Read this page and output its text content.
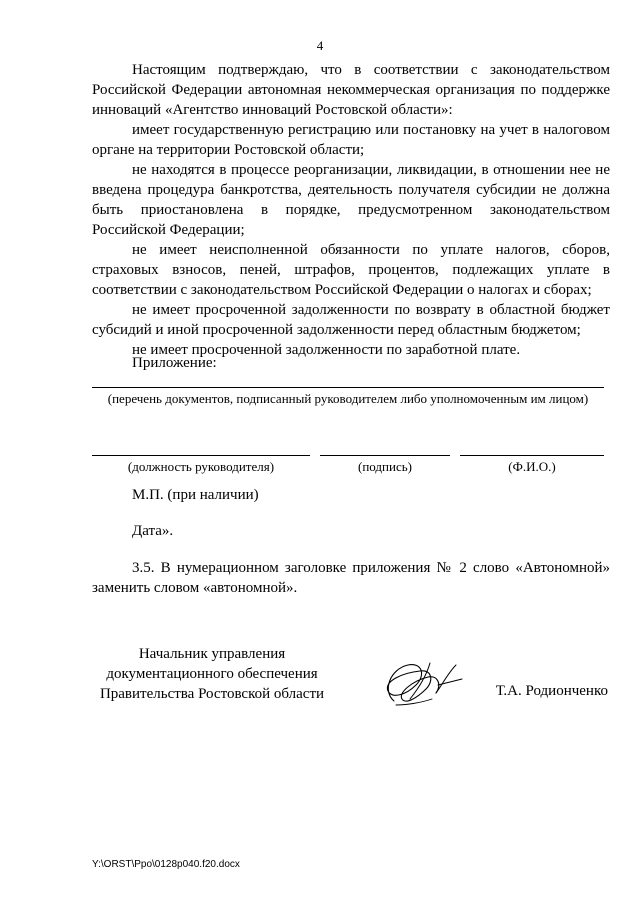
4

Настоящим подтверждаю, что в соответствии с законодательством Российской Федерации автономная некоммерческая организация по поддержке инноваций «Агентство инноваций Ростовской области»:

имеет государственную регистрацию или постановку на учет в налоговом органе на территории Ростовской области;

не находятся в процессе реорганизации, ликвидации, в отношении нее не введена процедура банкротства, деятельность получателя субсидии не должна быть приостановлена в порядке, предусмотренном законодательством Российской Федерации;

не имеет неисполненной обязанности по уплате налогов, сборов, страховых взносов, пеней, штрафов, процентов, подлежащих уплате в соответствии с законодательством Российской Федерации о налогах и сборах;

не имеет просроченной задолженности по возврату в областной бюджет субсидий и иной просроченной задолженности перед областным бюджетом;

не имеет просроченной задолженности по заработной плате.

Приложение:
(перечень документов, подписанный руководителем либо уполномоченным им лицом)
(должность руководителя)	(подпись)	(Ф.И.О.)
М.П. (при наличии)
Дата».

3.5. В нумерационном заголовке приложения № 2 слово «Автономной» заменить словом «автономной».

Начальник управления
документационного обеспечения
Правительства Ростовской области	Т.А. Родионченко
Y:\ORST\Ppo\0128p040.f20.docx
